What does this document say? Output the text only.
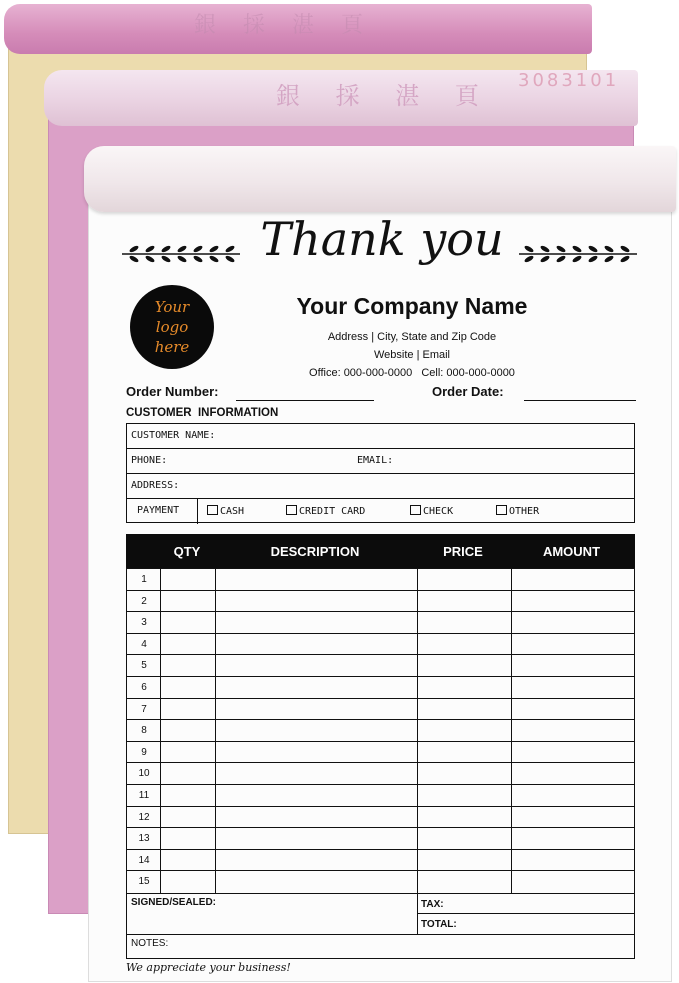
銀 採 湛 頁
銀 採 湛 頁
3083101
Thank you
Your
logo
here
Your Company Name
Address | City, State and Zip Code
Website | Email
Office: 000-000-0000   Cell: 000-000-0000
Order Number:	Order Date:
CUSTOMER  INFORMATION
CUSTOMER NAME:
PHONE:	EMAIL:
ADDRESS:
PAYMENT	CASH	CREDIT CARD	CHECK	OTHER
QTY	DESCRIPTION	PRICE	AMOUNT
1
2
3
4
5
6
7
8
9
10
11
12
13
14
15
SIGNED/SEALED:	TAX:
TOTAL:
NOTES:
We appreciate your business!
